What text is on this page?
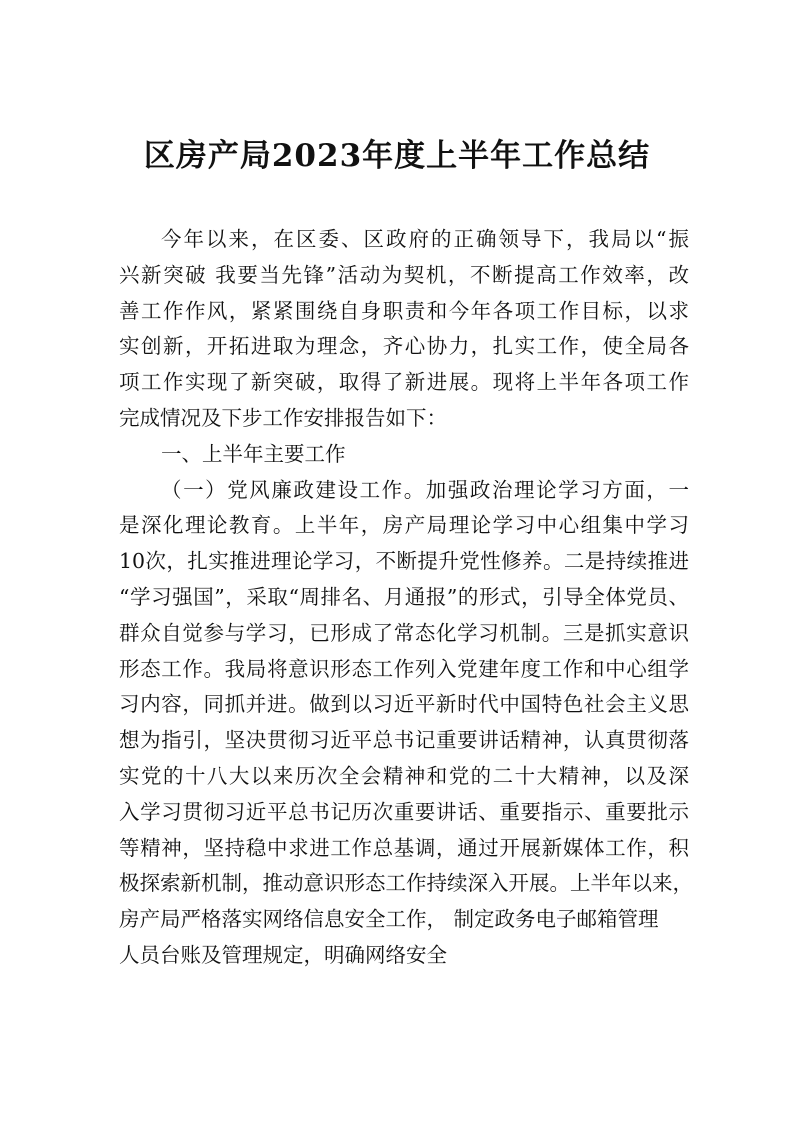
区房产局2023年度上半年工作总结
今年以来，在区委、区政府的正确领导下，我局以“振
兴新突破 我要当先锋”活动为契机，不断提高工作效率，改
善工作作风，紧紧围绕自身职责和今年各项工作目标，以求
实创新，开拓进取为理念，齐心协力，扎实工作，使全局各
项工作实现了新突破，取得了新进展。现将上半年各项工作
完成情况及下步工作安排报告如下：
一、上半年主要工作
（一）党风廉政建设工作。加强政治理论学习方面，一
是深化理论教育。上半年，房产局理论学习中心组集中学习
10次，扎实推进理论学习，不断提升党性修养。二是持续推进
“学习强国”，采取“周排名、月通报”的形式，引导全体党员、
群众自觉参与学习，已形成了常态化学习机制。三是抓实意识
形态工作。我局将意识形态工作列入党建年度工作和中心组学
习内容，同抓并进。做到以习近平新时代中国特色社会主义思
想为指引，坚决贯彻习近平总书记重要讲话精神，认真贯彻落
实党的十八大以来历次全会精神和党的二十大精神，以及深
入学习贯彻习近平总书记历次重要讲话、重要指示、重要批示
等精神，坚持稳中求进工作总基调，通过开展新媒体工作，积
极探索新机制，推动意识形态工作持续深入开展。上半年以来，
房产局严格落实网络信息安全工作， 制定政务电子邮箱管理
人员台账及管理规定，明确网络安全
